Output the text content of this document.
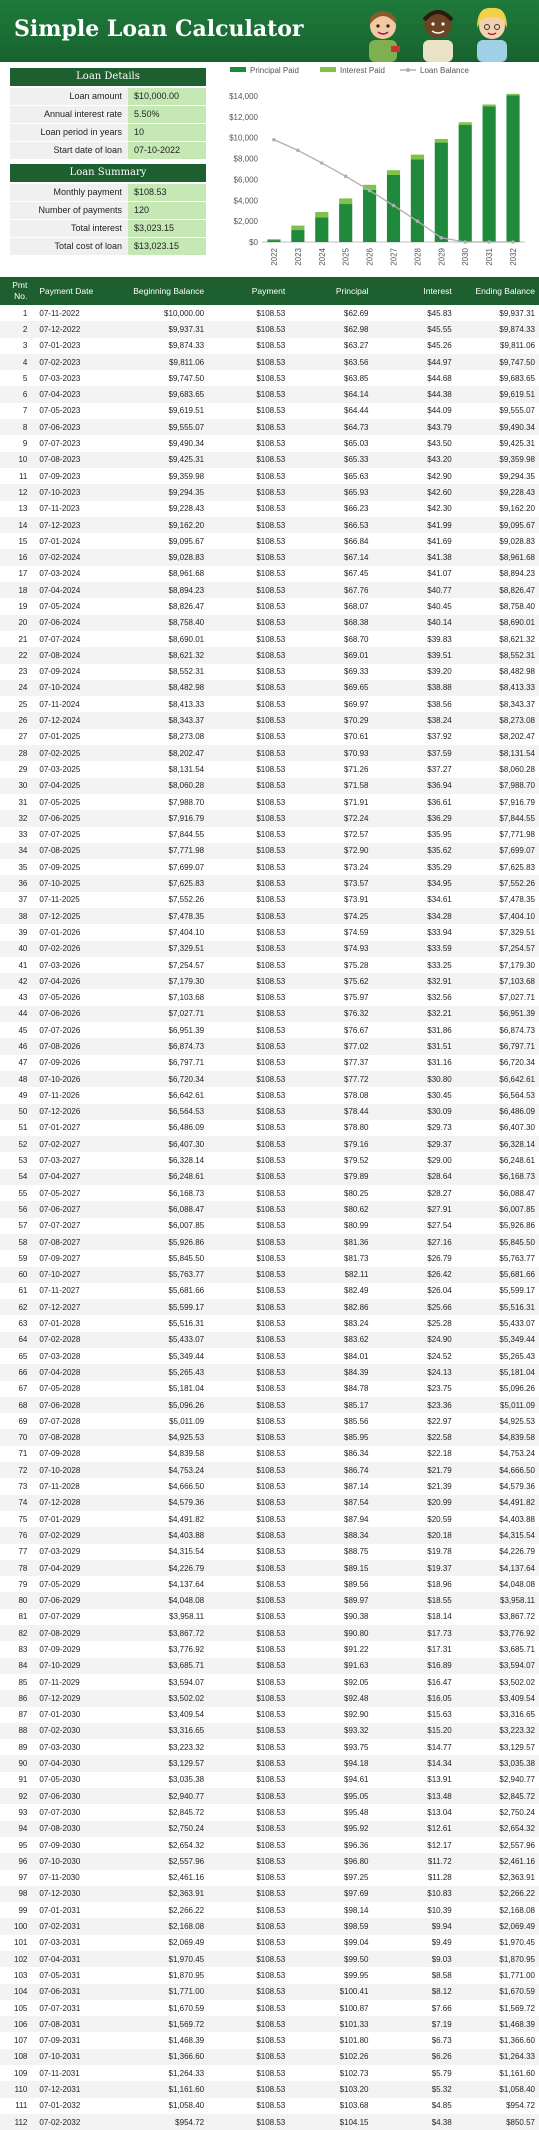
Simple Loan Calculator
Loan Details
Loan amount	$10,000.00
Annual interest rate	5.50%
Loan period in years	10
Start date of loan	07-10-2022
Loan Summary
Monthly payment	$108.53
Number of payments	120
Total interest	$3,023.15
Total cost of loan	$13,023.15
Principal Paid	Interest Paid	Loan Balance
$0
$2,000
$4,000
$6,000
$8,000
$10,000
$12,000
$14,000
2022 2023 2024 2025 2026 2027 2028 2029 2030 2031 2032
Pmt No.	Payment Date	Beginning Balance	Payment	Principal	Interest	Ending Balance
1	07-11-2022	$10,000.00	$108.53	$62.69	$45.83	$9,937.31
2	07-12-2022	$9,937.31	$108.53	$62.98	$45.55	$9,874.33
3	07-01-2023	$9,874.33	$108.53	$63.27	$45.26	$9,811.06
4	07-02-2023	$9,811.06	$108.53	$63.56	$44.97	$9,747.50
5	07-03-2023	$9,747.50	$108.53	$63.85	$44.68	$9,683.65
6	07-04-2023	$9,683.65	$108.53	$64.14	$44.38	$9,619.51
7	07-05-2023	$9,619.51	$108.53	$64.44	$44.09	$9,555.07
8	07-06-2023	$9,555.07	$108.53	$64.73	$43.79	$9,490.34
9	07-07-2023	$9,490.34	$108.53	$65.03	$43.50	$9,425.31
10	07-08-2023	$9,425.31	$108.53	$65.33	$43.20	$9,359.98
11	07-09-2023	$9,359.98	$108.53	$65.63	$42.90	$9,294.35
12	07-10-2023	$9,294.35	$108.53	$65.93	$42.60	$9,228.43
13	07-11-2023	$9,228.43	$108.53	$66.23	$42.30	$9,162.20
14	07-12-2023	$9,162.20	$108.53	$66.53	$41.99	$9,095.67
15	07-01-2024	$9,095.67	$108.53	$66.84	$41.69	$9,028.83
16	07-02-2024	$9,028.83	$108.53	$67.14	$41.38	$8,961.68
17	07-03-2024	$8,961.68	$108.53	$67.45	$41.07	$8,894.23
18	07-04-2024	$8,894.23	$108.53	$67.76	$40.77	$8,826.47
19	07-05-2024	$8,826.47	$108.53	$68.07	$40.45	$8,758.40
20	07-06-2024	$8,758.40	$108.53	$68.38	$40.14	$8,690.01
21	07-07-2024	$8,690.01	$108.53	$68.70	$39.83	$8,621.32
22	07-08-2024	$8,621.32	$108.53	$69.01	$39.51	$8,552.31
23	07-09-2024	$8,552.31	$108.53	$69.33	$39.20	$8,482.98
24	07-10-2024	$8,482.98	$108.53	$69.65	$38.88	$8,413.33
25	07-11-2024	$8,413.33	$108.53	$69.97	$38.56	$8,343.37
26	07-12-2024	$8,343.37	$108.53	$70.29	$38.24	$8,273.08
27	07-01-2025	$8,273.08	$108.53	$70.61	$37.92	$8,202.47
28	07-02-2025	$8,202.47	$108.53	$70.93	$37.59	$8,131.54
29	07-03-2025	$8,131.54	$108.53	$71.26	$37.27	$8,060.28
30	07-04-2025	$8,060.28	$108.53	$71.58	$36.94	$7,988.70
31	07-05-2025	$7,988.70	$108.53	$71.91	$36.61	$7,916.79
32	07-06-2025	$7,916.79	$108.53	$72.24	$36.29	$7,844.55
33	07-07-2025	$7,844.55	$108.53	$72.57	$35.95	$7,771.98
34	07-08-2025	$7,771.98	$108.53	$72.90	$35.62	$7,699.07
35	07-09-2025	$7,699.07	$108.53	$73.24	$35.29	$7,625.83
36	07-10-2025	$7,625.83	$108.53	$73.57	$34.95	$7,552.26
37	07-11-2025	$7,552.26	$108.53	$73.91	$34.61	$7,478.35
38	07-12-2025	$7,478.35	$108.53	$74.25	$34.28	$7,404.10
39	07-01-2026	$7,404.10	$108.53	$74.59	$33.94	$7,329.51
40	07-02-2026	$7,329.51	$108.53	$74.93	$33.59	$7,254.57
41	07-03-2026	$7,254.57	$108.53	$75.28	$33.25	$7,179.30
42	07-04-2026	$7,179.30	$108.53	$75.62	$32.91	$7,103.68
43	07-05-2026	$7,103.68	$108.53	$75.97	$32.56	$7,027.71
44	07-06-2026	$7,027.71	$108.53	$76.32	$32.21	$6,951.39
45	07-07-2026	$6,951.39	$108.53	$76.67	$31.86	$6,874.73
46	07-08-2026	$6,874.73	$108.53	$77.02	$31.51	$6,797.71
47	07-09-2026	$6,797.71	$108.53	$77.37	$31.16	$6,720.34
48	07-10-2026	$6,720.34	$108.53	$77.72	$30.80	$6,642.61
49	07-11-2026	$6,642.61	$108.53	$78.08	$30.45	$6,564.53
50	07-12-2026	$6,564.53	$108.53	$78.44	$30.09	$6,486.09
51	07-01-2027	$6,486.09	$108.53	$78.80	$29.73	$6,407.30
52	07-02-2027	$6,407.30	$108.53	$79.16	$29.37	$6,328.14
53	07-03-2027	$6,328.14	$108.53	$79.52	$29.00	$6,248.61
54	07-04-2027	$6,248.61	$108.53	$79.89	$28.64	$6,168.73
55	07-05-2027	$6,168.73	$108.53	$80.25	$28.27	$6,088.47
56	07-06-2027	$6,088.47	$108.53	$80.62	$27.91	$6,007.85
57	07-07-2027	$6,007.85	$108.53	$80.99	$27.54	$5,926.86
58	07-08-2027	$5,926.86	$108.53	$81.36	$27.16	$5,845.50
59	07-09-2027	$5,845.50	$108.53	$81.73	$26.79	$5,763.77
60	07-10-2027	$5,763.77	$108.53	$82.11	$26.42	$5,681.66
61	07-11-2027	$5,681.66	$108.53	$82.49	$26.04	$5,599.17
62	07-12-2027	$5,599.17	$108.53	$82.86	$25.66	$5,516.31
63	07-01-2028	$5,516.31	$108.53	$83.24	$25.28	$5,433.07
64	07-02-2028	$5,433.07	$108.53	$83.62	$24.90	$5,349.44
65	07-03-2028	$5,349.44	$108.53	$84.01	$24.52	$5,265.43
66	07-04-2028	$5,265.43	$108.53	$84.39	$24.13	$5,181.04
67	07-05-2028	$5,181.04	$108.53	$84.78	$23.75	$5,096.26
68	07-06-2028	$5,096.26	$108.53	$85.17	$23.36	$5,011.09
69	07-07-2028	$5,011.09	$108.53	$85.56	$22.97	$4,925.53
70	07-08-2028	$4,925.53	$108.53	$85.95	$22.58	$4,839.58
71	07-09-2028	$4,839.58	$108.53	$86.34	$22.18	$4,753.24
72	07-10-2028	$4,753.24	$108.53	$86.74	$21.79	$4,666.50
73	07-11-2028	$4,666.50	$108.53	$87.14	$21.39	$4,579.36
74	07-12-2028	$4,579.36	$108.53	$87.54	$20.99	$4,491.82
75	07-01-2029	$4,491.82	$108.53	$87.94	$20.59	$4,403.88
76	07-02-2029	$4,403.88	$108.53	$88.34	$20.18	$4,315.54
77	07-03-2029	$4,315.54	$108.53	$88.75	$19.78	$4,226.79
78	07-04-2029	$4,226.79	$108.53	$89.15	$19.37	$4,137.64
79	07-05-2029	$4,137.64	$108.53	$89.56	$18.96	$4,048.08
80	07-06-2029	$4,048.08	$108.53	$89.97	$18.55	$3,958.11
81	07-07-2029	$3,958.11	$108.53	$90.38	$18.14	$3,867.72
82	07-08-2029	$3,867.72	$108.53	$90.80	$17.73	$3,776.92
83	07-09-2029	$3,776.92	$108.53	$91.22	$17.31	$3,685.71
84	07-10-2029	$3,685.71	$108.53	$91.63	$16.89	$3,594.07
85	07-11-2029	$3,594.07	$108.53	$92.05	$16.47	$3,502.02
86	07-12-2029	$3,502.02	$108.53	$92.48	$16.05	$3,409.54
87	07-01-2030	$3,409.54	$108.53	$92.90	$15.63	$3,316.65
88	07-02-2030	$3,316.65	$108.53	$93.32	$15.20	$3,223.32
89	07-03-2030	$3,223.32	$108.53	$93.75	$14.77	$3,129.57
90	07-04-2030	$3,129.57	$108.53	$94.18	$14.34	$3,035.38
91	07-05-2030	$3,035.38	$108.53	$94.61	$13.91	$2,940.77
92	07-06-2030	$2,940.77	$108.53	$95.05	$13.48	$2,845.72
93	07-07-2030	$2,845.72	$108.53	$95.48	$13.04	$2,750.24
94	07-08-2030	$2,750.24	$108.53	$95.92	$12.61	$2,654.32
95	07-09-2030	$2,654.32	$108.53	$96.36	$12.17	$2,557.96
96	07-10-2030	$2,557.96	$108.53	$96.80	$11.72	$2,461.16
97	07-11-2030	$2,461.16	$108.53	$97.25	$11.28	$2,363.91
98	07-12-2030	$2,363.91	$108.53	$97.69	$10.83	$2,266.22
99	07-01-2031	$2,266.22	$108.53	$98.14	$10.39	$2,168.08
100	07-02-2031	$2,168.08	$108.53	$98.59	$9.94	$2,069.49
101	07-03-2031	$2,069.49	$108.53	$99.04	$9.49	$1,970.45
102	07-04-2031	$1,970.45	$108.53	$99.50	$9.03	$1,870.95
103	07-05-2031	$1,870.95	$108.53	$99.95	$8.58	$1,771.00
104	07-06-2031	$1,771.00	$108.53	$100.41	$8.12	$1,670.59
105	07-07-2031	$1,670.59	$108.53	$100.87	$7.66	$1,569.72
106	07-08-2031	$1,569.72	$108.53	$101.33	$7.19	$1,468.39
107	07-09-2031	$1,468.39	$108.53	$101.80	$6.73	$1,366.60
108	07-10-2031	$1,366.60	$108.53	$102.26	$6.26	$1,264.33
109	07-11-2031	$1,264.33	$108.53	$102.73	$5.79	$1,161.60
110	07-12-2031	$1,161.60	$108.53	$103.20	$5.32	$1,058.40
111	07-01-2032	$1,058.40	$108.53	$103.68	$4.85	$954.72
112	07-02-2032	$954.72	$108.53	$104.15	$4.38	$850.57
